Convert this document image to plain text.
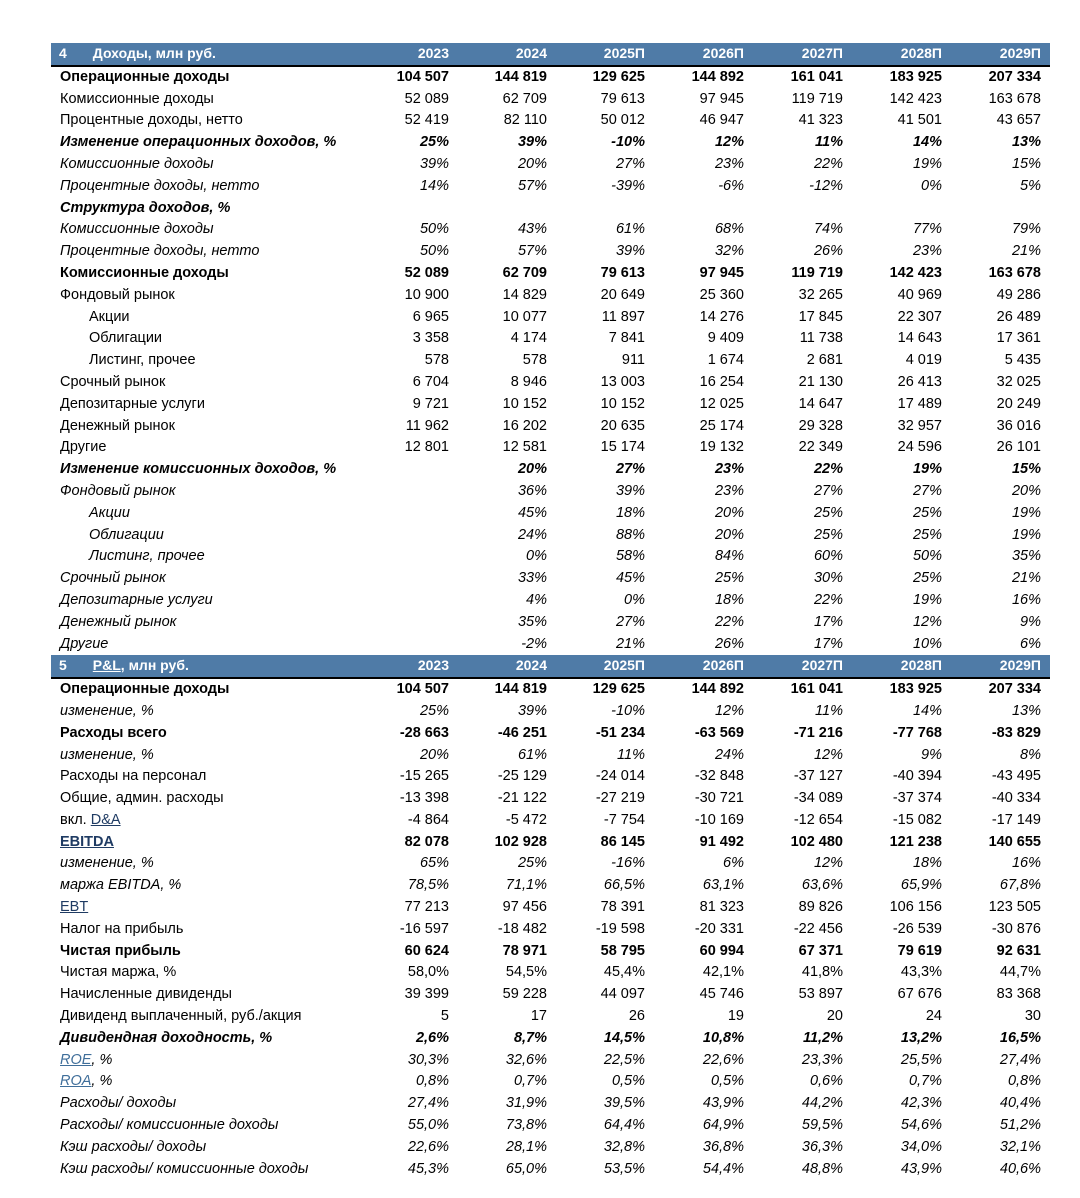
4 Доходы, млн руб.	2023	2024	2025П	2026П	2027П	2028П	2029П
Операционные доходы	104 507	144 819	129 625	144 892	161 041	183 925	207 334
Комиссионные доходы	52 089	62 709	79 613	97 945	119 719	142 423	163 678
Процентные доходы, нетто	52 419	82 110	50 012	46 947	41 323	41 501	43 657
Изменение операционных доходов, %	25%	39%	-10%	12%	11%	14%	13%
Комиссионные доходы	39%	20%	27%	23%	22%	19%	15%
Процентные доходы, нетто	14%	57%	-39%	-6%	-12%	0%	5%
Структура доходов, %							
Комиссионные доходы	50%	43%	61%	68%	74%	77%	79%
Процентные доходы, нетто	50%	57%	39%	32%	26%	23%	21%
Комиссионные доходы	52 089	62 709	79 613	97 945	119 719	142 423	163 678
Фондовый рынок	10 900	14 829	20 649	25 360	32 265	40 969	49 286
Акции	6 965	10 077	11 897	14 276	17 845	22 307	26 489
Облигации	3 358	4 174	7 841	9 409	11 738	14 643	17 361
Листинг, прочее	578	578	911	1 674	2 681	4 019	5 435
Срочный рынок	6 704	8 946	13 003	16 254	21 130	26 413	32 025
Депозитарные услуги	9 721	10 152	10 152	12 025	14 647	17 489	20 249
Денежный рынок	11 962	16 202	20 635	25 174	29 328	32 957	36 016
Другие	12 801	12 581	15 174	19 132	22 349	24 596	26 101
Изменение комиссионных доходов, %		20%	27%	23%	22%	19%	15%
Фондовый рынок		36%	39%	23%	27%	27%	20%
Акции		45%	18%	20%	25%	25%	19%
Облигации		24%	88%	20%	25%	25%	19%
Листинг, прочее		0%	58%	84%	60%	50%	35%
Срочный рынок		33%	45%	25%	30%	25%	21%
Депозитарные услуги		4%	0%	18%	22%	19%	16%
Денежный рынок		35%	27%	22%	17%	12%	9%
Другие		-2%	21%	26%	17%	10%	6%
5 P&L, млн руб.	2023	2024	2025П	2026П	2027П	2028П	2029П
Операционные доходы	104 507	144 819	129 625	144 892	161 041	183 925	207 334
изменение, %	25%	39%	-10%	12%	11%	14%	13%
Расходы всего	-28 663	-46 251	-51 234	-63 569	-71 216	-77 768	-83 829
изменение, %	20%	61%	11%	24%	12%	9%	8%
Расходы на персонал	-15 265	-25 129	-24 014	-32 848	-37 127	-40 394	-43 495
Общие, админ. расходы	-13 398	-21 122	-27 219	-30 721	-34 089	-37 374	-40 334
вкл. D&A	-4 864	-5 472	-7 754	-10 169	-12 654	-15 082	-17 149
EBITDA	82 078	102 928	86 145	91 492	102 480	121 238	140 655
изменение, %	65%	25%	-16%	6%	12%	18%	16%
маржа EBITDA, %	78,5%	71,1%	66,5%	63,1%	63,6%	65,9%	67,8%
EBT	77 213	97 456	78 391	81 323	89 826	106 156	123 505
Налог на прибыль	-16 597	-18 482	-19 598	-20 331	-22 456	-26 539	-30 876
Чистая прибыль	60 624	78 971	58 795	60 994	67 371	79 619	92 631
Чистая маржа, %	58,0%	54,5%	45,4%	42,1%	41,8%	43,3%	44,7%
Начисленные дивиденды	39 399	59 228	44 097	45 746	53 897	67 676	83 368
Дивиденд выплаченный, руб./акция	5	17	26	19	20	24	30
Дивидендная доходность, %	2,6%	8,7%	14,5%	10,8%	11,2%	13,2%	16,5%
ROE, %	30,3%	32,6%	22,5%	22,6%	23,3%	25,5%	27,4%
ROA, %	0,8%	0,7%	0,5%	0,5%	0,6%	0,7%	0,8%
Расходы/ доходы	27,4%	31,9%	39,5%	43,9%	44,2%	42,3%	40,4%
Расходы/ комиссионные доходы	55,0%	73,8%	64,4%	64,9%	59,5%	54,6%	51,2%
Кэш расходы/ доходы	22,6%	28,1%	32,8%	36,8%	36,3%	34,0%	32,1%
Кэш расходы/ комиссионные доходы	45,3%	65,0%	53,5%	54,4%	48,8%	43,9%	40,6%
